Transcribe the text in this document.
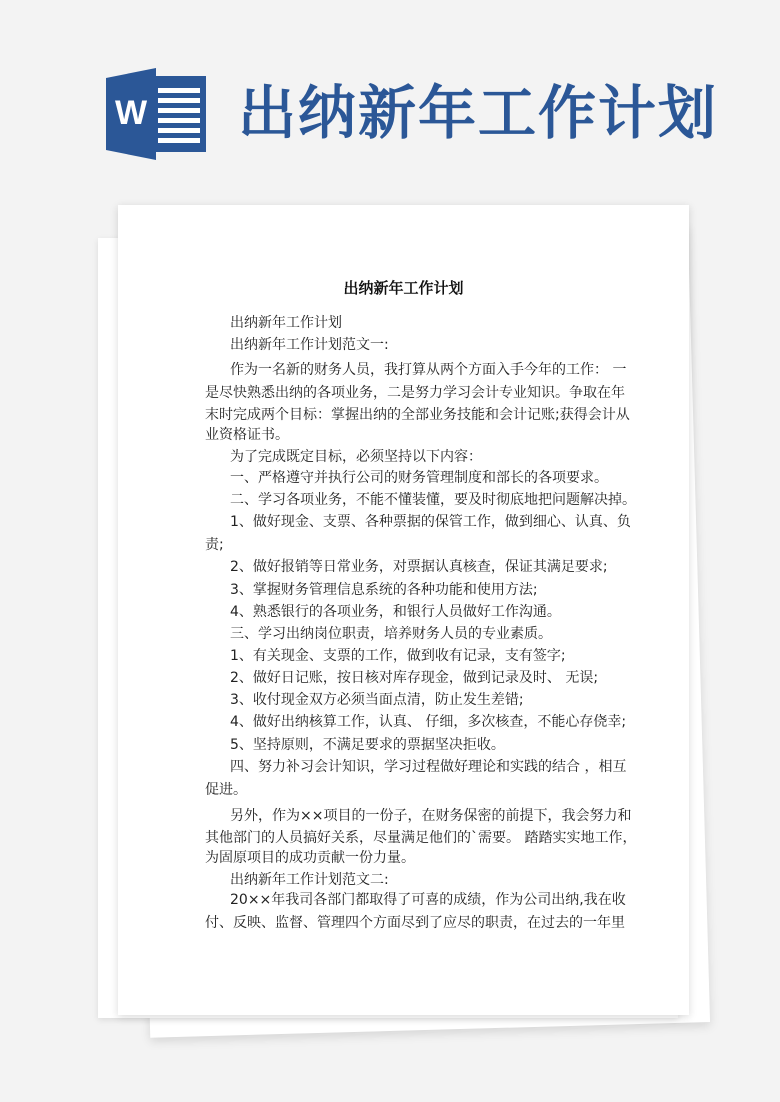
W 出纳新年工作计划
出纳新年工作计划
出纳新年工作计划
出纳新年工作计划范文一:
作为一名新的财务人员，我打算从两个方面入手今年的工作： 一
是尽快熟悉出纳的各项业务，二是努力学习会计专业知识。争取在年
末时完成两个目标：掌握出纳的全部业务技能和会计记账;获得会计从
业资格证书。
为了完成既定目标，必须坚持以下内容：
一、严格遵守并执行公司的财务管理制度和部长的各项要求。
二、学习各项业务，不能不懂装懂，要及时彻底地把问题解决掉。
1、做好现金、支票、各种票据的保管工作，做到细心、认真、负
责;
2、做好报销等日常业务，对票据认真核查，保证其满足要求;
3、掌握财务管理信息系统的各种功能和使用方法;
4、熟悉银行的各项业务，和银行人员做好工作沟通。
三、学习出纳岗位职责，培养财务人员的专业素质。
1、有关现金、支票的工作，做到收有记录，支有签字;
2、做好日记账，按日核对库存现金，做到记录及时、 无误;
3、收付现金双方必须当面点清，防止发生差错;
4、做好出纳核算工作，认真、 仔细，多次核查，不能心存侥幸;
5、坚持原则，不满足要求的票据坚决拒收。
四、努力补习会计知识，学习过程做好理论和实践的结合 ，相互
促进。
另外，作为××项目的一份子，在财务保密的前提下，我会努力和
其他部门的人员搞好关系，尽量满足他们的`需要。 踏踏实实地工作，
为固原项目的成功贡献一份力量。
出纳新年工作计划范文二:
20××年我司各部门都取得了可喜的成绩，作为公司出纳,我在收
付、反映、监督、管理四个方面尽到了应尽的职责，在过去的一年里
